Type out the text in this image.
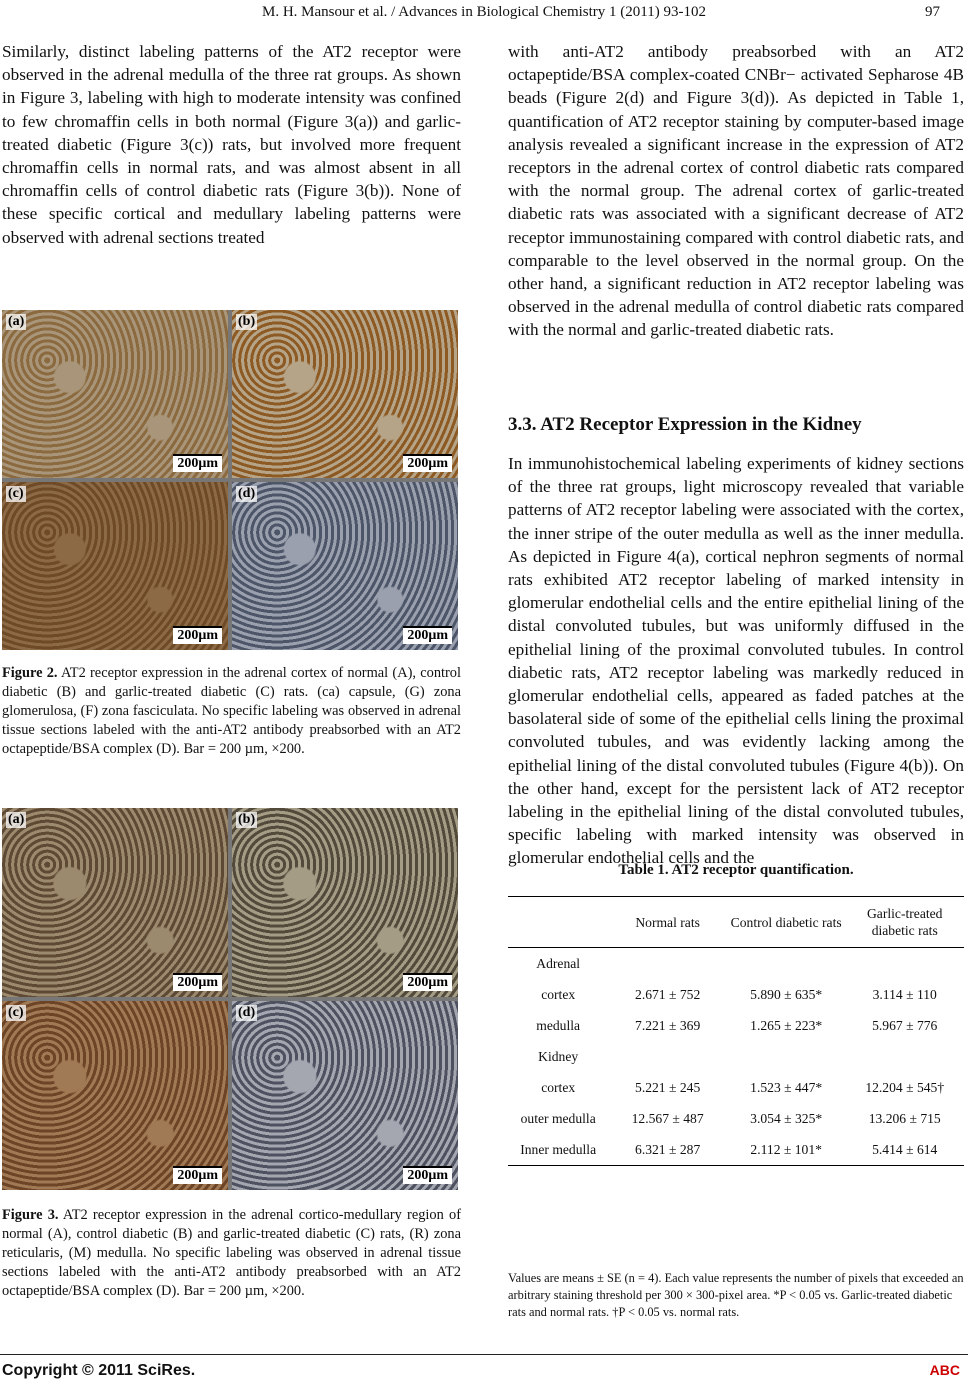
M. H. Mansour et al. / Advances in Biological Chemistry 1 (2011) 93-102	97

Similarly, distinct labeling patterns of the AT2 receptor were observed in the adrenal medulla of the three rat groups. As shown in Figure 3, labeling with high to moderate intensity was confined to few chromaffin cells in both normal (Figure 3(a)) and garlic-treated diabetic (Figure 3(c)) rats, but involved more frequent chromaffin cells in normal rats, and was almost absent in all chromaffin cells of control diabetic rats (Figure 3(b)). None of these specific cortical and medullary labeling patterns were observed with adrenal sections treated

(a)
200μm
(b)
200μm
(c)
200μm
(d)
200μm

Figure 2. AT2 receptor expression in the adrenal cortex of normal (A), control diabetic (B) and garlic-treated diabetic (C) rats. (ca) capsule, (G) zona glomerulosa, (F) zona fasciculata. No specific labeling was observed in adrenal tissue sections labeled with the anti-AT2 antibody preabsorbed with an AT2 octapeptide/BSA complex (D). Bar = 200 µm, ×200.

(a)
200μm
(b)
200μm
(c)
200μm
(d)
200μm

Figure 3. AT2 receptor expression in the adrenal cortico-medullary region of normal (A), control diabetic (B) and garlic-treated diabetic (C) rats, (R) zona reticularis, (M) medulla. No specific labeling was observed in adrenal tissue sections labeled with the anti-AT2 antibody preabsorbed with an AT2 octapeptide/BSA complex (D). Bar = 200 µm, ×200.

with anti-AT2 antibody preabsorbed with an AT2 octapeptide/BSA complex-coated CNBr− activated Sepharose 4B beads (Figure 2(d) and Figure 3(d)). As depicted in Table 1, quantification of AT2 receptor staining by computer-based image analysis revealed a significant increase in the expression of AT2 receptors in the adrenal cortex of control diabetic rats compared with the normal group. The adrenal cortex of garlic-treated diabetic rats was associated with a significant decrease of AT2 receptor immunostaining compared with control diabetic rats, and comparable to the level observed in the normal group. On the other hand, a significant reduction in AT2 receptor labeling was observed in the adrenal medulla of control diabetic rats compared with the normal and garlic-treated diabetic rats.

3.3. AT2 Receptor Expression in the Kidney

In immunohistochemical labeling experiments of kidney sections of the three rat groups, light microscopy revealed that variable patterns of AT2 receptor labeling were associated with the cortex, the inner stripe of the outer medulla as well as the inner medulla. As depicted in Figure 4(a), cortical nephron segments of normal rats exhibited AT2 receptor labeling of marked intensity in glomerular endothelial cells and the entire epithelial lining of the distal convoluted tubules, but was uniformly diffused in the epithelial lining of the proximal convoluted tubules. In control diabetic rats, AT2 receptor labeling was markedly reduced in glomerular endothelial cells, appeared as faded patches at the basolateral side of some of the epithelial cells lining the proximal convoluted tubules, and was evidently lacking among the epithelial lining of the distal convoluted tubules (Figure 4(b)). On the other hand, except for the persistent lack of AT2 receptor labeling in the epithelial lining of the distal convoluted tubules, specific labeling with marked intensity was observed in glomerular endothelial cells and the

Table 1. AT2 receptor quantification.
	Normal rats	Control diabetic rats	Garlic-treated diabetic rats
Adrenal			
cortex	2.671 ± 752	5.890 ± 635*	3.114 ± 110
medulla	7.221 ± 369	1.265 ± 223*	5.967 ± 776
Kidney			
cortex	5.221 ± 245	1.523 ± 447*	12.204 ± 545†
outer medulla	12.567 ± 487	3.054 ± 325*	13.206 ± 715
Inner medulla	6.321 ± 287	2.112 ± 101*	5.414 ± 614
Values are means ± SE (n = 4). Each value represents the number of pixels that exceeded an arbitrary staining threshold per 300 × 300-pixel area. *P < 0.05 vs. Garlic-treated diabetic rats and normal rats. †P < 0.05 vs. normal rats.
Copyright © 2011 SciRes.	ABC
